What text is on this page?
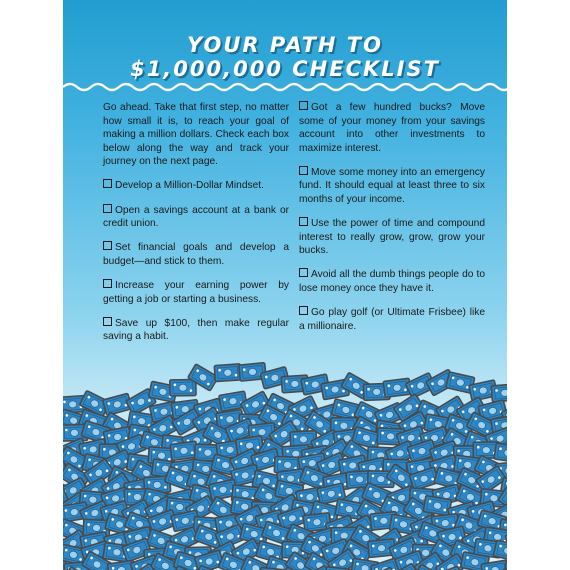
YOUR PATH TO
$1,000,000 CHECKLIST

Go ahead. Take that first step, no matter how small it is, to reach your goal of making a million dollars. Check each box below along the way and track your journey on the next page.

Develop a Million-Dollar Mindset.

Open a savings account at a bank or credit union.

Set financial goals and develop a budget—and stick to them.

Increase your earning power by getting a job or starting a business.

Save up $100, then make regular saving a habit.

Got a few hundred bucks? Move some of your money from your savings account into other investments to maximize interest.

Move some money into an emergency fund. It should equal at least three to six months of your income.

Use the power of time and compound interest to really grow, grow, grow your bucks.

Avoid all the dumb things people do to lose money once they have it.

Go play golf (or Ultimate Frisbee) like a millionaire.
